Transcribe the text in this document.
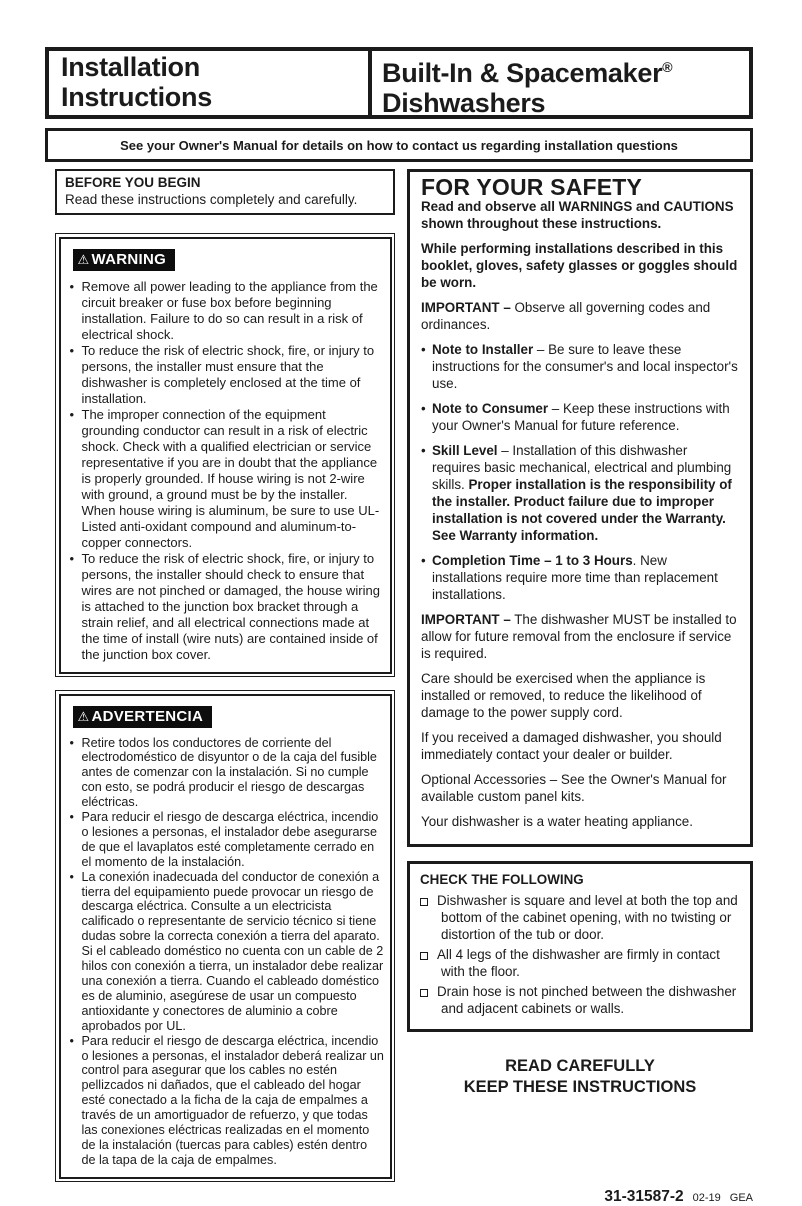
Installation
Instructions
Built-In & Spacemaker®
Dishwashers
See your Owner's Manual for details on how to contact us regarding installation questions
BEFORE YOU BEGIN
Read these instructions completely and carefully.
⚠ WARNING
• Remove all power leading to the appliance from the circuit breaker or fuse box before beginning installation. Failure to do so can result in a risk of electrical shock.
• To reduce the risk of electric shock, fire, or injury to persons, the installer must ensure that the dishwasher is completely enclosed at the time of installation.
• The improper connection of the equipment grounding conductor can result in a risk of electric shock. Check with a qualified electrician or service representative if you are in doubt that the appliance is properly grounded. If house wiring is not 2-wire with ground, a ground must be by the installer. When house wiring is aluminum, be sure to use UL-Listed anti-oxidant compound and aluminum-to-copper connectors.
• To reduce the risk of electric shock, fire, or injury to persons, the installer should check to ensure that wires are not pinched or damaged, the house wiring is attached to the junction box bracket through a strain relief, and all electrical connections made at the time of install (wire nuts) are contained inside of the junction box cover.
⚠ ADVERTENCIA
• Retire todos los conductores de corriente del electrodoméstico de disyuntor o de la caja del fusible antes de comenzar con la instalación. Si no cumple con esto, se podrá producir el riesgo de descargas eléctricas.
• Para reducir el riesgo de descarga eléctrica, incendio o lesiones a personas, el instalador debe asegurarse de que el lavaplatos esté completamente cerrado en el momento de la instalación.
• La conexión inadecuada del conductor de conexión a tierra del equipamiento puede provocar un riesgo de descarga eléctrica. Consulte a un electricista calificado o representante de servicio técnico si tiene dudas sobre la correcta conexión a tierra del aparato. Si el cableado doméstico no cuenta con un cable de 2 hilos con conexión a tierra, un instalador debe realizar una conexión a tierra. Cuando el cableado doméstico es de aluminio, asegúrese de usar un compuesto antioxidante y conectores de aluminio a cobre aprobados por UL.
• Para reducir el riesgo de descarga eléctrica, incendio o lesiones a personas, el instalador deberá realizar un control para asegurar que los cables no estén pellizcados ni dañados, que el cableado del hogar esté conectado a la ficha de la caja de empalmes a través de un amortiguador de refuerzo, y que todas las conexiones eléctricas realizadas en el momento de la instalación (tuercas para cables) estén dentro de la tapa de la caja de empalmes.
FOR YOUR SAFETY

Read and observe all WARNINGS and CAUTIONS shown throughout these instructions.

While performing installations described in this booklet, gloves, safety glasses or goggles should be worn.

IMPORTANT – Observe all governing codes and ordinances.

• Note to Installer – Be sure to leave these instructions for the consumer's and local inspector's use.
• Note to Consumer – Keep these instructions with your Owner's Manual for future reference.
• Skill Level – Installation of this dishwasher requires basic mechanical, electrical and plumbing skills. Proper installation is the responsibility of the installer. Product failure due to improper installation is not covered under the Warranty. See Warranty information.
• Completion Time – 1 to 3 Hours. New installations require more time than replacement installations.

IMPORTANT – The dishwasher MUST be installed to allow for future removal from the enclosure if service is required.

Care should be exercised when the appliance is installed or removed, to reduce the likelihood of damage to the power supply cord.

If you received a damaged dishwasher, you should immediately contact your dealer or builder.

Optional Accessories – See the Owner's Manual for available custom panel kits.

Your dishwasher is a water heating appliance.

CHECK THE FOLLOWING
Dishwasher is square and level at both the top and bottom of the cabinet opening, with no twisting or distortion of the tub or door.
All 4 legs of the dishwasher are firmly in contact with the floor.
Drain hose is not pinched between the dishwasher and adjacent cabinets or walls.
READ CAREFULLY
KEEP THESE INSTRUCTIONS
31-31587-2 02-19 GEA
